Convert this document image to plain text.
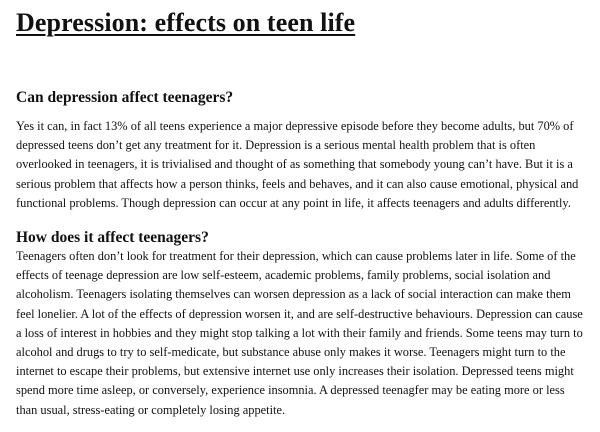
Depression: effects on teen life
Can depression affect teenagers?

Yes it can, in fact 13% of all teens experience a major depressive episode before they become adults, but 70% of depressed teens don’t get any treatment for it. Depression is a serious mental health problem that is often overlooked in teenagers, it is trivialised and thought of as something that somebody young can’t have. But it is a serious problem that affects how a person thinks, feels and behaves, and it can also cause emotional, physical and functional problems. Though depression can occur at any point in life, it affects teenagers and adults differently.

How does it affect teenagers?

Teenagers often don’t look for treatment for their depression, which can cause problems later in life. Some of the effects of teenage depression are low self-esteem, academic problems, family problems, social isolation and alcoholism. Teenagers isolating themselves can worsen depression as a lack of social interaction can make them feel lonelier. A lot of the effects of depression worsen it, and are self-destructive behaviours. Depression can cause a loss of interest in hobbies and they might stop talking a lot with their family and friends. Some teens may turn to alcohol and drugs to try to self-medicate, but substance abuse only makes it worse. Teenagers might turn to the internet to escape their problems, but extensive internet use only increases their isolation. Depressed teens might spend more time asleep, or conversely, experience insomnia. A depressed teenagfer may be eating more or less than usual, stress-eating or completely losing appetite.
